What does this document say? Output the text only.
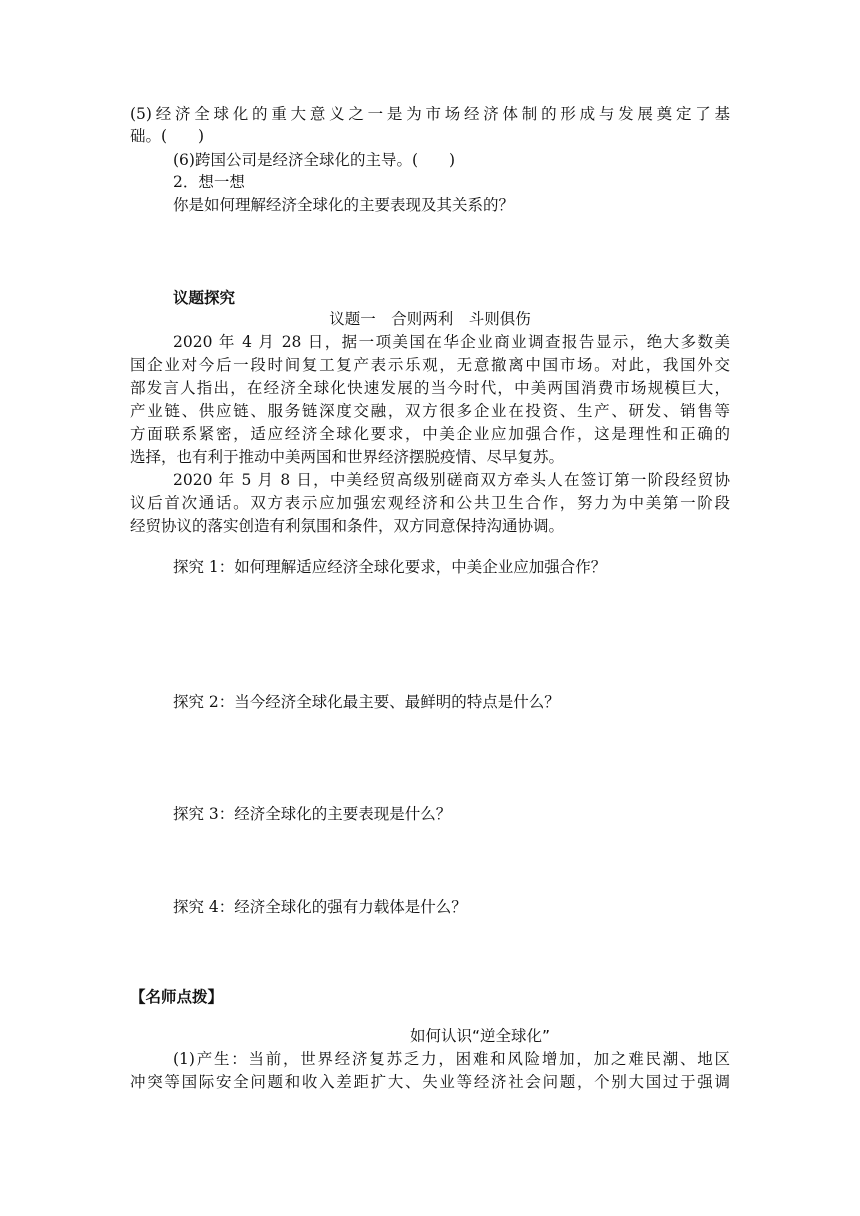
(5)经济全球化的重大意义之一是为市场经济体制的形成与发展奠定了基
础。(　　)
(6)跨国公司是经济全球化的主导。(　　)
2．想一想
你是如何理解经济全球化的主要表现及其关系的？
议题探究
议题一　合则两利　斗则俱伤
2020 年 4 月 28 日，据一项美国在华企业商业调查报告显示，绝大多数美
国企业对今后一段时间复工复产表示乐观，无意撤离中国市场。对此，我国外交
部发言人指出，在经济全球化快速发展的当今时代，中美两国消费市场规模巨大，
产业链、供应链、服务链深度交融，双方很多企业在投资、生产、研发、销售等
方面联系紧密，适应经济全球化要求，中美企业应加强合作，这是理性和正确的
选择，也有利于推动中美两国和世界经济摆脱疫情、尽早复苏。
2020 年 5 月 8 日，中美经贸高级别磋商双方牵头人在签订第一阶段经贸协
议后首次通话。双方表示应加强宏观经济和公共卫生合作，努力为中美第一阶段
经贸协议的落实创造有利氛围和条件，双方同意保持沟通协调。
探究 1：如何理解适应经济全球化要求，中美企业应加强合作？
探究 2：当今经济全球化最主要、最鲜明的特点是什么？
探究 3：经济全球化的主要表现是什么？
探究 4：经济全球化的强有力载体是什么？
【名师点拨】
如何认识“逆全球化”
(1)产生：当前，世界经济复苏乏力，困难和风险增加，加之难民潮、地区
冲突等国际安全问题和收入差距扩大、失业等经济社会问题，个别大国过于强调
